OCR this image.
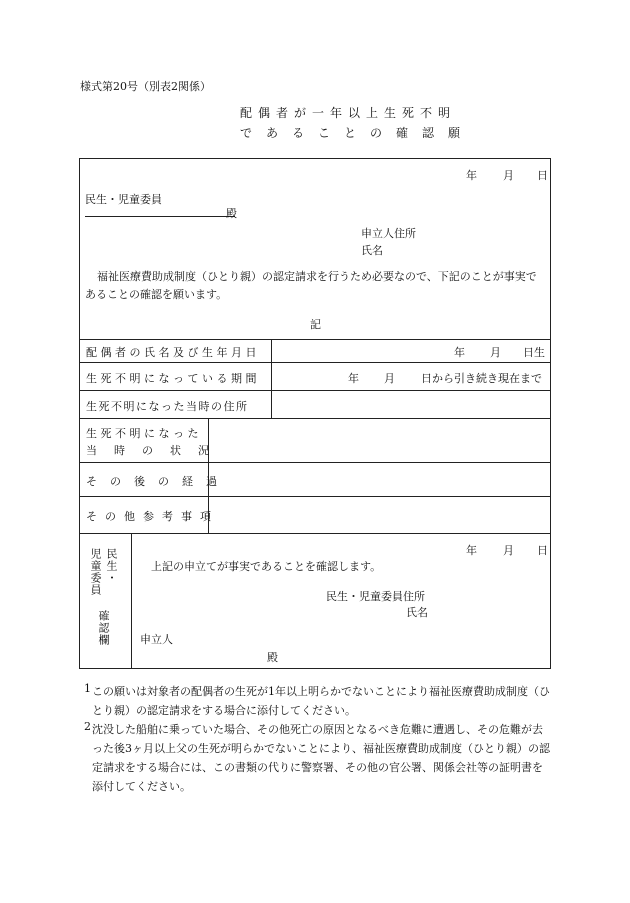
様式第20号（別表2関係）
配偶者が一年以上生死不明
であることの確認願
年 月 日
民生・児童委員
殿
申立人住所
氏名
福祉医療費助成制度（ひとり親）の認定請求を行うため必要なので、下記のことが事実であることの確認を願います。
記
配偶者の氏名及び生年月日	年 月 日生
生死不明になっている期間	年 月 日から引き続き現在まで
生死不明になった当時の住所
生死不明になった
当時の状況
その後の経過
その他参考事項
民生・
児童委員
確認欄
年 月 日
上記の申立てが事実であることを確認します。
民生・児童委員住所
氏名
申立人
殿
1 この願いは対象者の配偶者の生死が1年以上明らかでないことにより福祉医療費助成制度（ひとり親）の認定請求をする場合に添付してください。
2 沈没した船舶に乗っていた場合、その他死亡の原因となるべき危難に遭遇し、その危難が去った後3ヶ月以上父の生死が明らかでないことにより、福祉医療費助成制度（ひとり親）の認定請求をする場合には、この書類の代りに警察署、その他の官公署、関係会社等の証明書を添付してください。
